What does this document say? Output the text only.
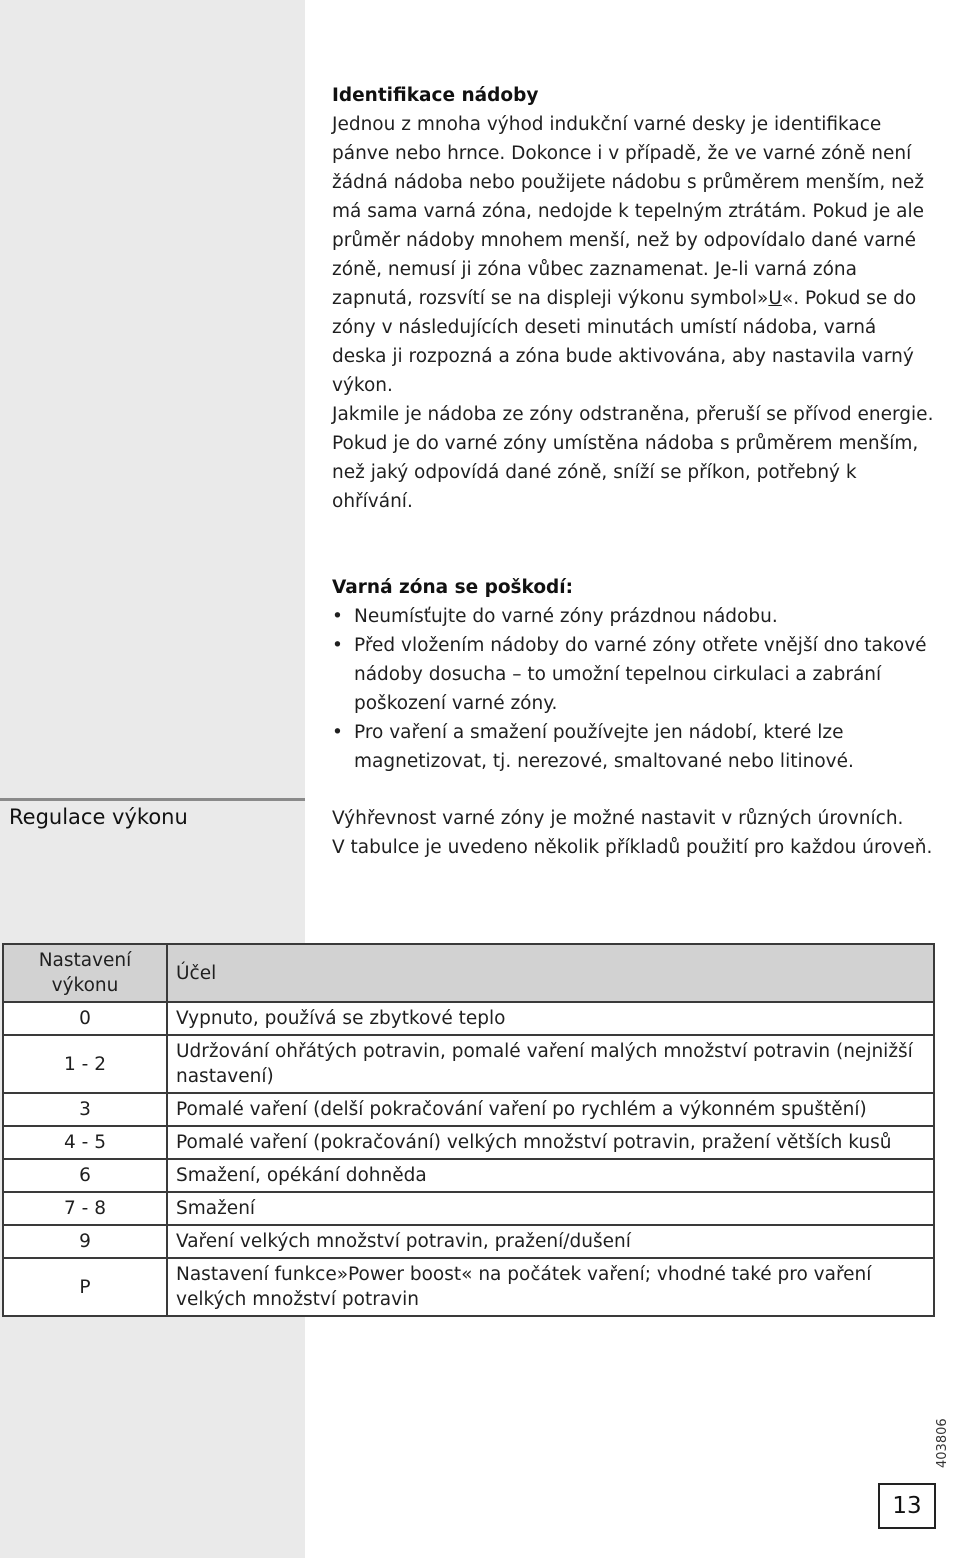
Identifikace nádoby

Jednou z mnoha výhod indukční varné desky je identifikace pánve nebo hrnce. Dokonce i v případě, že ve varné zóně není žádná nádoba nebo použijete nádobu s průměrem menším, než má sama varná zóna, nedojde k tepelným ztrátám. Pokud je ale průměr nádoby mnohem menší, než by odpovídalo dané varné zóně, nemusí ji zóna vůbec zaznamenat. Je-li varná zóna zapnutá, rozsvítí se na displeji výkonu symbol»U«. Pokud se do zóny v následujících deseti minutách umístí nádoba, varná deska ji rozpozná a zóna bude aktivována, aby nastavila varný výkon.

Jakmile je nádoba ze zóny odstraněna, přeruší se přívod energie. Pokud je do varné zóny umístěna nádoba s průměrem menším, než jaký odpovídá dané zóně, sníží se příkon, potřebný k ohřívání.

Varná zóna se poškodí:
• Neumísťujte do varné zóny prázdnou nádobu.
• Před vložením nádoby do varné zóny otřete vnější dno takové nádoby dosucha – to umožní tepelnou cirkulaci a zabrání poškození varné zóny.
• Pro vaření a smažení používejte jen nádobí, které lze magnetizovat, tj. nerezové, smaltované nebo litinové.
Regulace výkonu	Výhřevnost varné zóny je možné nastavit v různých úrovních.

V tabulce je uvedeno několik příkladů použití pro každou úroveň.

Nastavení výkonu	Účel
0	Vypnuto, používá se zbytkové teplo
1 - 2	Udržování ohřátých potravin, pomalé vaření malých množství potravin (nejnižší nastavení)
3	Pomalé vaření (delší pokračování vaření po rychlém a výkonném spuštění)
4 - 5	Pomalé vaření (pokračování) velkých množství potravin, pražení větších kusů
6	Smažení, opékání dohněda
7 - 8	Smažení
9	Vaření velkých množství potravin, pražení/dušení
P	Nastavení funkce»Power boost« na počátek vaření; vhodné také pro vaření velkých množství potravin
403806
13
